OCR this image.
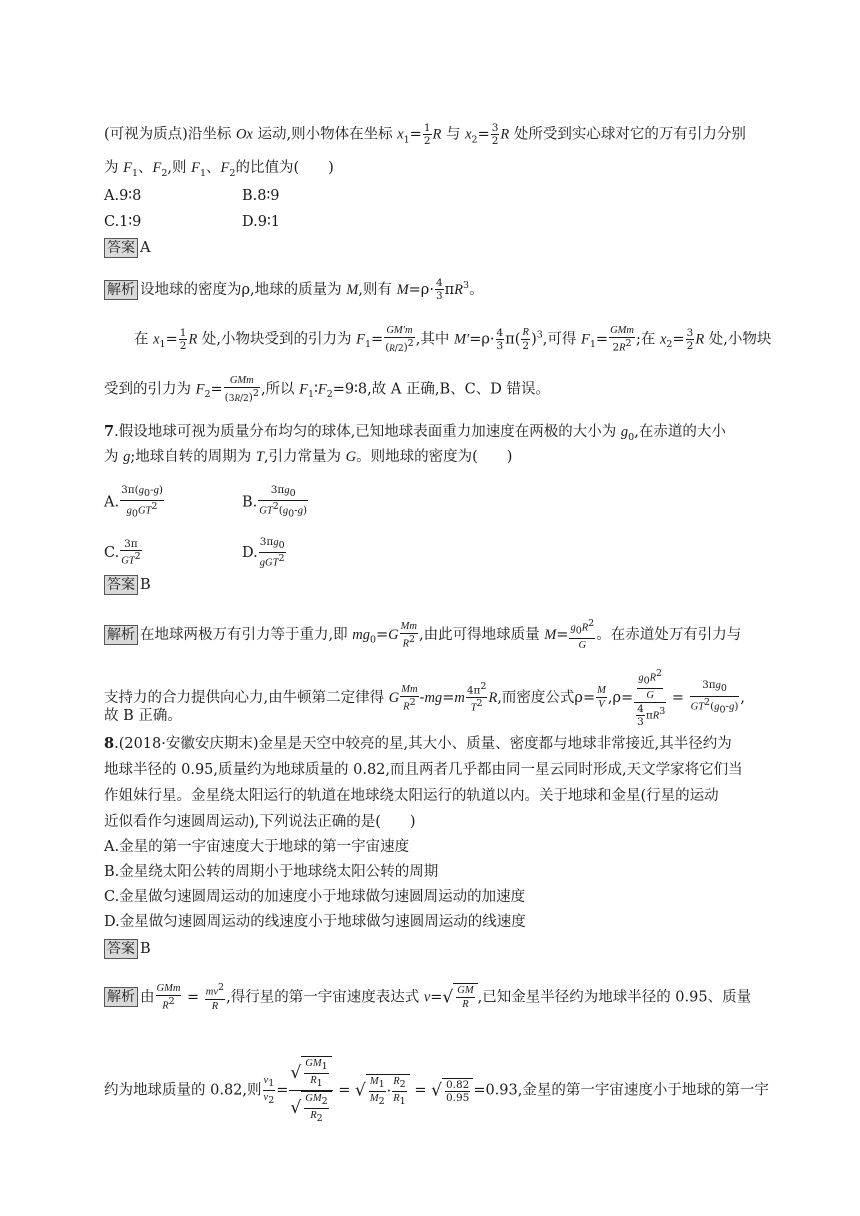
(可视为质点)沿坐标 Ox 运动,则小物体在坐标 $x_1= \frac{1}{2}$ R 与 $x_2= \frac{3}{2}$ R 处所受到实心球对它的万有引力分别
为 $F_1$、$F_2$,则 $F_1$、$F_2$的比值为(　　)
A.9∶8	B.8∶9
C.1∶9	D.9∶1
答案 A
解析 设地球的密度为ρ,地球的质量为 M,则有 $M=\rho\cdot \frac{4}{3} \pi R^3$。
在 $x_1= \frac{1}{2}$ R 处,小物块受到的引力为 $F_1= \frac{GM'm}{(R/2)^2}$ ,其中 $M'=\rho\cdot \frac{4}{3} \pi( \frac{R}{2} )^3$,可得 $F_1= \frac{\text{GMm}}{2R^2}$ ;在 $x_2= \frac{3}{2}$ R 处,小物块
受到的引力为 $F_2= \frac{\text{GMm}}{(3R/2)^2}$ ,所以 $F_1∶F_2=9∶8$,故 A 正确,B、C、D 错误。
7.假设地球可视为质量分布均匀的球体,已知地球表面重力加速度在两极的大小为 $g_0$,在赤道的大小
为 g;地球自转的周期为 T,引力常量为 G。则地球的密度为(　　)
A. $\frac{3\pi(g_0-g)}{g_0GT^2}$	B. $\frac{3\pi g_0}{GT^2(g_0-g)}$
C. $\frac{3\pi}{GT^2}$	D. $\frac{3\pi g_0}{gGT^2}$
答案 B
解析 在地球两极万有引力等于重力,即 $mg_0=G \frac{Mm}{R^2}$ ,由此可得地球质量 $M= \frac{g_0R^2}{G}$ 。在赤道处万有引力与
支持力的合力提供向心力,由牛顿第二定律得 G $\frac{Mm}{R^2} -mg=m \frac{4\pi^2}{T^2} R$,而密度公式$\rho= \frac{M}{V} ,\rho= \frac{\frac{g_0R^2}{G}}{\frac{4}{3} \pi R^3} = \frac{3\pi g_0}{GT^2(g_0-g)}$ ,
故 B 正确。
8.(2018·安徽安庆期末)金星是天空中较亮的星,其大小、质量、密度都与地球非常接近,其半径约为
地球半径的 0.95,质量约为地球质量的 0.82,而且两者几乎都由同一星云同时形成,天文学家将它们当
作姐妹行星。金星绕太阳运行的轨道在地球绕太阳运行的轨道以内。关于地球和金星(行星的运动
近似看作匀速圆周运动),下列说法正确的是(　　)
A.金星的第一宇宙速度大于地球的第一宇宙速度
B.金星绕太阳公转的周期小于地球绕太阳公转的周期
C.金星做匀速圆周运动的加速度小于地球做匀速圆周运动的加速度
D.金星做匀速圆周运动的线速度小于地球做匀速圆周运动的线速度
答案 B
解析 由 $\frac{\text{GMm}}{R^2} = \frac{mv^2}{R}$ ,得行星的第一宇宙速度表达式 $v=√ \frac{GM}{R}$ ,已知金星半径约为地球半径的 0.95、质量
约为地球质量的 0.82,则 $\frac{v_1}{v_2} = \frac{√ \frac{GM_1}{R_1}}{√ \frac{GM_2}{R_2}}$ = √ $\frac{M_1}{M_2} \cdot \frac{R_2}{R_1}$ = √ $\frac{0.82}{0.95} =0.93$,金星的第一宇宙速度小于地球的第一宇
